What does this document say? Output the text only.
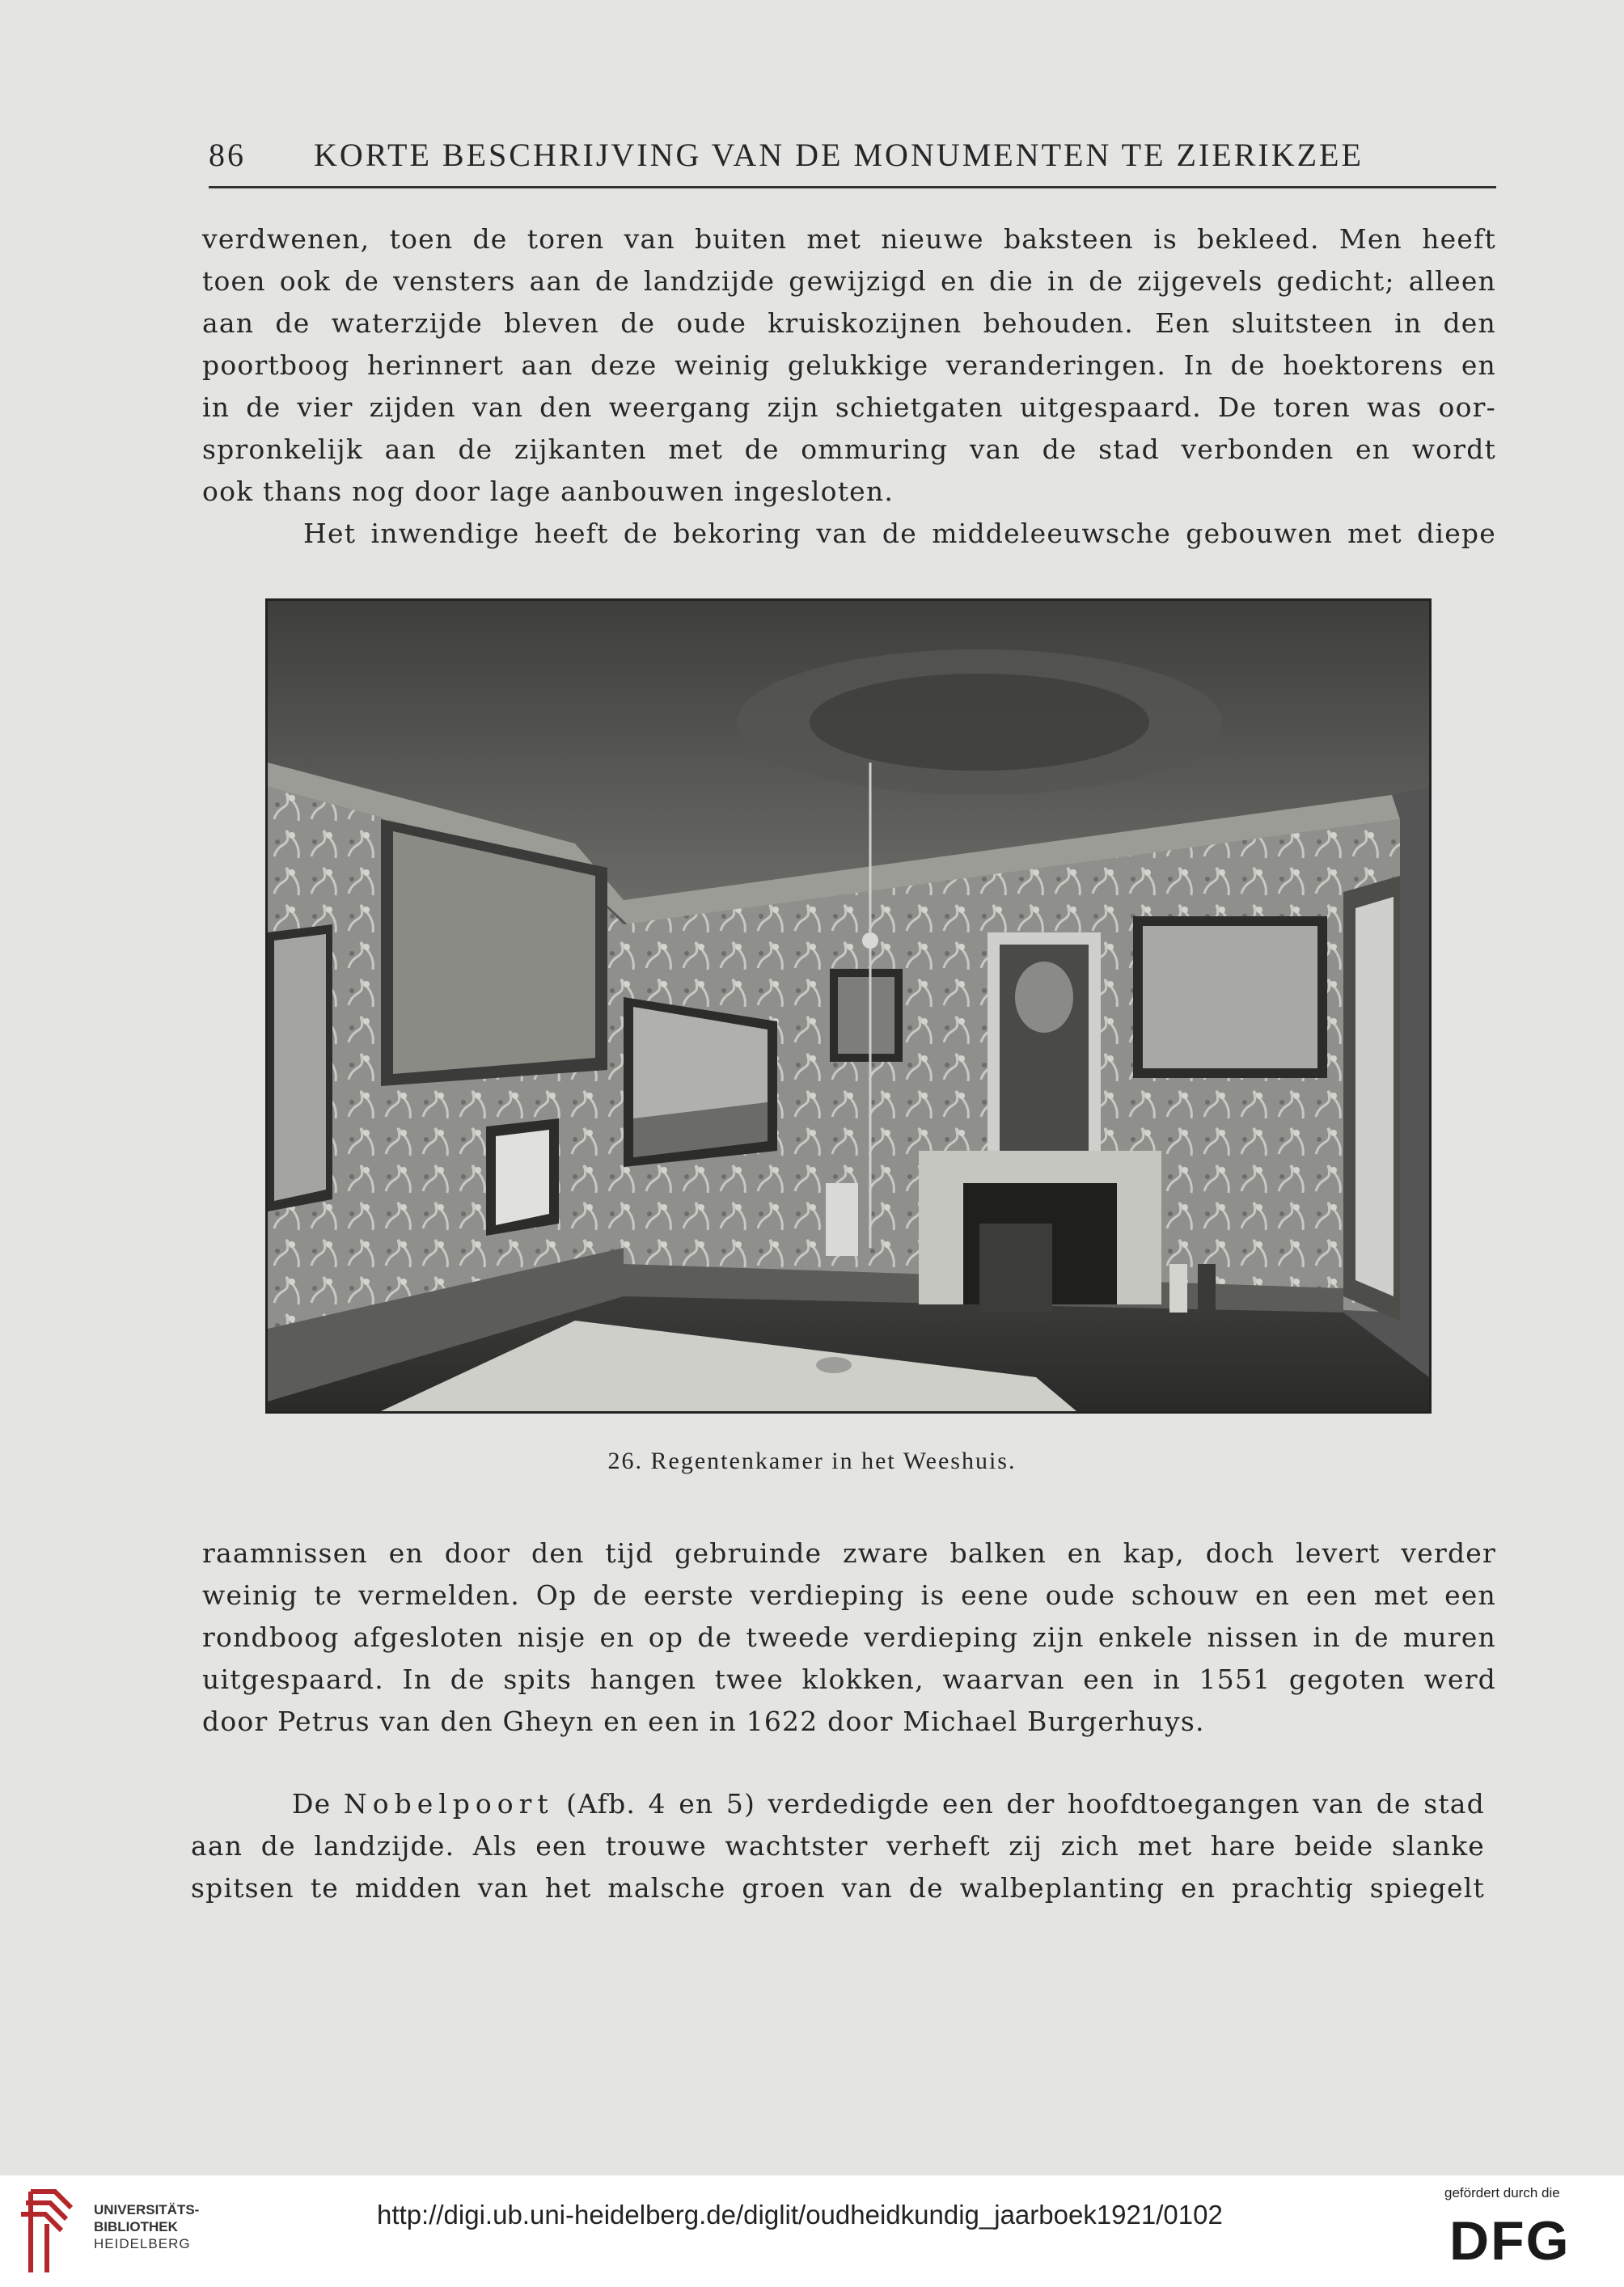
86 KORTE BESCHRIJVING VAN DE MONUMENTEN TE ZIERIKZEE
verdwenen, toen de toren van buiten met nieuwe baksteen is bekleed. Men heeft
toen ook de vensters aan de landzijde gewijzigd en die in de zijgevels gedicht; alleen
aan de waterzijde bleven de oude kruiskozijnen behouden. Een sluitsteen in den
poortboog herinnert aan deze weinig gelukkige veranderingen. In de hoektorens en
in de vier zijden van den weergang zijn schietgaten uitgespaard. De toren was oor-
spronkelijk aan de zijkanten met de ommuring van de stad verbonden en wordt
ook thans nog door lage aanbouwen ingesloten.
Het inwendige heeft de bekoring van de middeleeuwsche gebouwen met diepe
26. Regentenkamer in het Weeshuis.
raamnissen en door den tijd gebruinde zware balken en kap, doch levert verder
weinig te vermelden. Op de eerste verdieping is eene oude schouw en een met een
rondboog afgesloten nisje en op de tweede verdieping zijn enkele nissen in de muren
uitgespaard. In de spits hangen twee klokken, waarvan een in 1551 gegoten werd
door Petrus van den Gheyn en een in 1622 door Michael Burgerhuys.
De Nobelpoort (Afb. 4 en 5) verdedigde een der hoofdtoegangen van de stad
aan de landzijde. Als een trouwe wachtster verheft zij zich met hare beide slanke
spitsen te midden van het malsche groen van de walbeplanting en prachtig spiegelt
UNIVERSITÄTS-
BIBLIOTHEK
HEIDELBERG
http://digi.ub.uni-heidelberg.de/diglit/oudheidkundig_jaarboek1921/0102
gefördert durch die
DFG
